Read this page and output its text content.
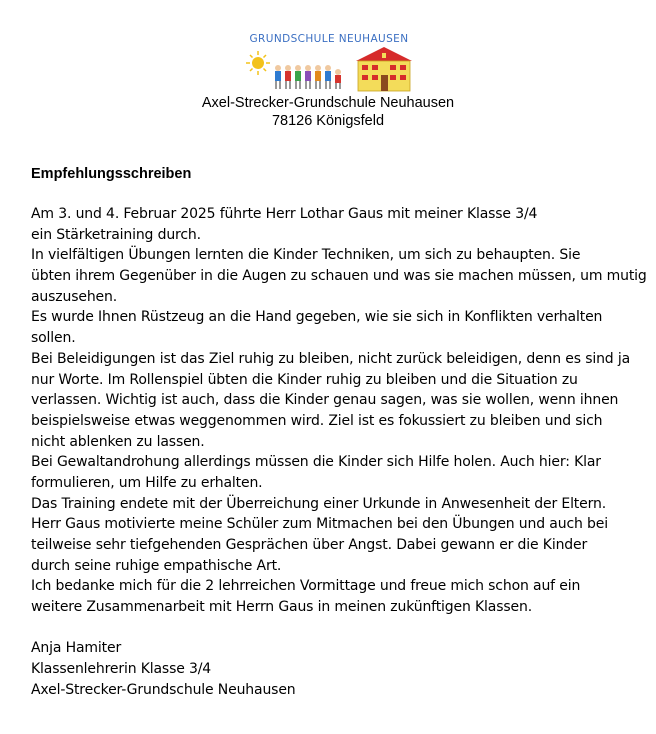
GRUNDSCHULE NEUHAUSEN
Axel-Strecker-Grundschule Neuhausen
78126 Königsfeld
Empfehlungsschreiben
Am 3. und 4. Februar 2025 führte Herr Lothar Gaus mit meiner Klasse 3/4
ein Stärketraining durch.
In vielfältigen Übungen lernten die Kinder Techniken, um sich zu behaupten. Sie
übten ihrem Gegenüber in die Augen zu schauen und was sie machen müssen, um mutig
auszusehen.
Es wurde Ihnen Rüstzeug an die Hand gegeben, wie sie sich in Konflikten verhalten
sollen.
Bei Beleidigungen ist das Ziel ruhig zu bleiben, nicht zurück beleidigen, denn es sind ja
nur Worte. Im Rollenspiel übten die Kinder ruhig zu bleiben und die Situation zu
verlassen. Wichtig ist auch, dass die Kinder genau sagen, was sie wollen, wenn ihnen
beispielsweise etwas weggenommen wird. Ziel ist es fokussiert zu bleiben und sich
nicht ablenken zu lassen.
Bei Gewaltandrohung allerdings müssen die Kinder sich Hilfe holen. Auch hier: Klar
formulieren, um Hilfe zu erhalten.
Das Training endete mit der Überreichung einer Urkunde in Anwesenheit der Eltern.
Herr Gaus motivierte meine Schüler zum Mitmachen bei den Übungen und auch bei
teilweise sehr tiefgehenden Gesprächen über Angst. Dabei gewann er die Kinder
durch seine ruhige empathische Art.
Ich bedanke mich für die 2 lehrreichen Vormittage und freue mich schon auf ein
weitere Zusammenarbeit mit Herrn Gaus in meinen zukünftigen Klassen.
Anja Hamiter
Klassenlehrerin Klasse 3/4
Axel-Strecker-Grundschule Neuhausen
